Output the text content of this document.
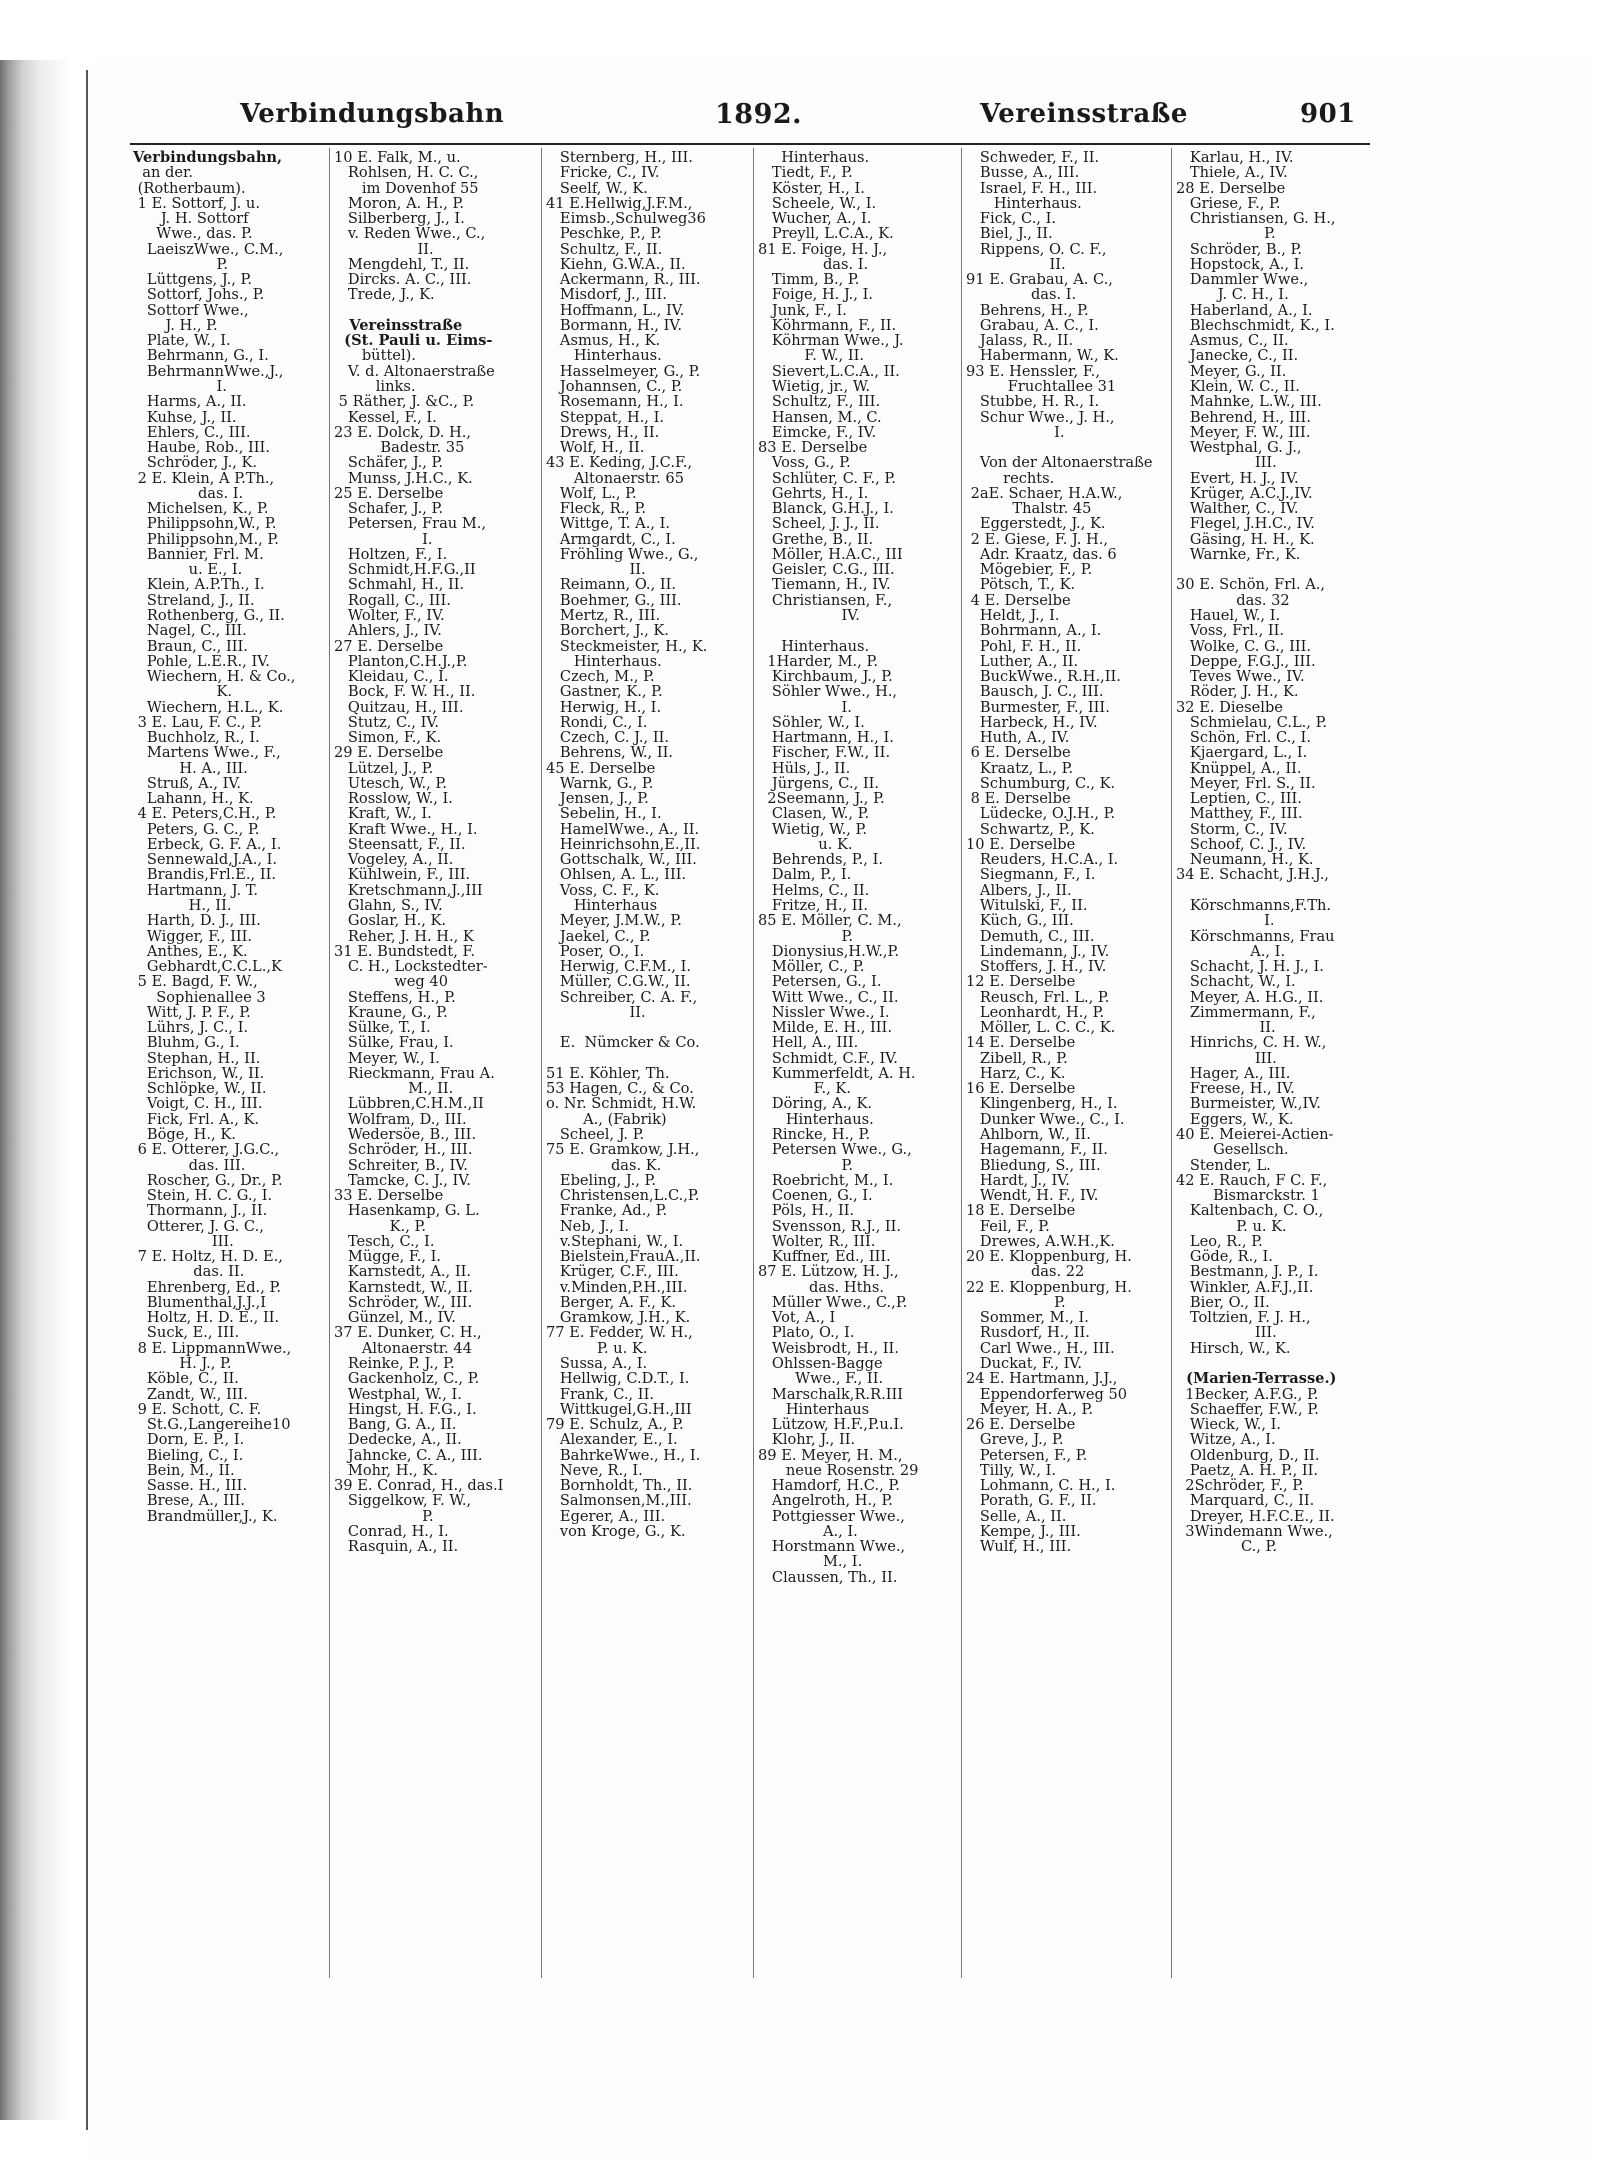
Verbindungsbahn	1892.	Vereinsstraße	901
Verbindungsbahn,
an der.
(Rotherbaum).
1 E. Sottorf, J. u.
J. H. Sottorf
Wwe., das. P.
LaeiszWwe., C.M.,
P.
Lüttgens, J., P.
Sottorf, Johs., P.
Sottorf Wwe.,
J. H., P.
Plate, W., I.
Behrmann, G., I.
BehrmannWwe.,J.,
I.
Harms, A., II.
Kuhse, J., II.
Ehlers, C., III.
Haube, Rob., III.
Schröder, J., K.
2 E. Klein, A P.Th.,
das. I.
Michelsen, K., P.
Philippsohn,W., P.
Philippsohn,M., P.
Bannier, Frl. M.
u. E., I.
Klein, A.P.Th., I.
Streland, J., II.
Rothenberg, G., II.
Nagel, C., III.
Braun, C., III.
Pohle, L.E.R., IV.
Wiechern, H. & Co.,
K.
Wiechern, H.L., K.
3 E. Lau, F. C., P.
Buchholz, R., I.
Martens Wwe., F.,
H. A., III.
Struß, A., IV.
Lahann, H., K.
4 E. Peters,C.H., P.
Peters, G. C., P.
Erbeck, G. F. A., I.
Sennewald,J.A., I.
Brandis,Frl.E., II.
Hartmann, J. T.
H., II.
Harth, D. J., III.
Wigger, F., III.
Anthes, E., K.
Gebhardt,C.C.L.,K
5 E. Bagd, F. W.,
Sophienallee 3
Witt, J. P. F., P.
Lührs, J. C., I.
Bluhm, G., I.
Stephan, H., II.
Erichson, W., II.
Schlöpke, W., II.
Voigt, C. H., III.
Fick, Frl. A., K.
Böge, H., K.
6 E. Otterer, J.G.C.,
das. III.
Roscher, G., Dr., P.
Stein, H. C. G., I.
Thormann, J., II.
Otterer, J. G. C.,
III.
7 E. Holtz, H. D. E.,
das. II.
Ehrenberg, Ed., P.
Blumenthal,J.J.,I
Holtz, H. D. E., II.
Suck, E., III.
8 E. LippmannWwe.,
H. J., P.
Köble, C., II.
Zandt, W., III.
9 E. Schott, C. F.
St.G.,Langereihe10
Dorn, E. P., I.
Bieling, C., I.
Bein, M., II.
Sasse. H., III.
Brese, A., III.
Brandmüller,J., K.
10 E. Falk, M., u.
Rohlsen, H. C. C.,
im Dovenhof 55
Moron, A. H., P.
Silberberg, J., I.
v. Reden Wwe., C.,
II.
Mengdehl, T., II.
Dircks. A. C., III.
Trede, J., K.
Vereinsstraße
(St. Pauli u. Eims-
büttel).
V. d. Altonaerstraße
links.
5 Räther, J. &C., P.
Kessel, F., I.
23 E. Dolck, D. H.,
Badestr. 35
Schäfer, J., P.
Munss, J.H.C., K.
25 E. Derselbe
Schafer, J., P.
Petersen, Frau M.,
I.
Holtzen, F., I.
Schmidt,H.F.G.,II
Schmahl, H., II.
Rogall, C., III.
Wolter, F., IV.
Ahlers, J., IV.
27 E. Derselbe
Planton,C.H.J.,P.
Kleidau, C., I.
Bock, F. W. H., II.
Quitzau, H., III.
Stutz, C., IV.
Simon, F., K.
29 E. Derselbe
Lützel, J., P.
Utesch, W., P.
Rosslow, W., I.
Kraft, W., I.
Kraft Wwe., H., I.
Steensatt, F., II.
Vogeley, A., II.
Kühlwein, F., III.
Kretschmann,J.,III
Glahn, S., IV.
Goslar, H., K.
Reher, J. H. H., K
31 E. Bundstedt, F.
C. H., Lockstedter-
weg 40
Steffens, H., P.
Kraune, G., P.
Sülke, T., I.
Sülke, Frau, I.
Meyer, W., I.
Rieckmann, Frau A.
M., II.
Lübbren,C.H.M.,II
Wolfram, D., III.
Wedersöe, B., III.
Schröder, H., III.
Schreiter, B., IV.
Tamcke, C. J., IV.
33 E. Derselbe
Hasenkamp, G. L.
K., P.
Tesch, C., I.
Mügge, F., I.
Karnstedt, A., II.
Karnstedt, W., II.
Schröder, W., III.
Günzel, M., IV.
37 E. Dunker, C. H.,
Altonaerstr. 44
Reinke, P. J., P.
Gackenholz, C., P.
Westphal, W., I.
Hingst, H. F.G., I.
Bang, G. A., II.
Dedecke, A., II.
Jahncke, C. A., III.
Mohr, H., K.
39 E. Conrad, H., das.I
Siggelkow, F. W.,
P.
Conrad, H., I.
Rasquin, A., II.
Sternberg, H., III.
Fricke, C., IV.
Seelf, W., K.
41 E.Hellwig,J.F.M.,
Eimsb.,Schulweg36
Peschke, P., P.
Schultz, F., II.
Kiehn, G.W.A., II.
Ackermann, R., III.
Misdorf, J., III.
Hoffmann, L., IV.
Bormann, H., IV.
Asmus, H., K.
Hinterhaus.
Hasselmeyer, G., P.
Johannsen, C., P.
Rosemann, H., I.
Steppat, H., I.
Drews, H., II.
Wolf, H., II.
43 E. Keding, J.C.F.,
Altonaerstr. 65
Wolf, L., P.
Fleck, R., P.
Wittge, T. A., I.
Armgardt, C., I.
Fröhling Wwe., G.,
II.
Reimann, O., II.
Boehmer, G., III.
Mertz, R., III.
Borchert, J., K.
Steckmeister, H., K.
Hinterhaus.
Czech, M., P.
Gastner, K., P.
Herwig, H., I.
Rondi, C., I.
Czech, C. J., II.
Behrens, W., II.
45 E. Derselbe
Warnk, G., P.
Jensen, J., P.
Sebelin, H., I.
HamelWwe., A., II.
Heinrichsohn,E.,II.
Gottschalk, W., III.
Ohlsen, A. L., III.
Voss, C. F., K.
Hinterhaus
Meyer, J.M.W., P.
Jaekel, C., P.
Poser, O., I.
Herwig, C.F.M., I.
Müller, C.G.W., II.
Schreiber, C. A. F.,
II.
E.  Nümcker & Co.
51 E. Köhler, Th.
53 Hagen, C., & Co.
o. Nr. Schmidt, H.W.
A., (Fabrik)
Scheel, J. P.
75 E. Gramkow, J.H.,
das. K.
Ebeling, J., P.
Christensen,L.C.,P.
Franke, Ad., P.
Neb, J., I.
v.Stephani, W., I.
Bielstein,FrauA.,II.
Krüger, C.F., III.
v.Minden,P.H.,III.
Berger, A. F., K.
Gramkow, J.H., K.
77 E. Fedder, W. H.,
P. u. K.
Sussa, A., I.
Hellwig, C.D.T., I.
Frank, C., II.
Wittkugel,G.H.,III
79 E. Schulz, A., P.
Alexander, E., I.
BahrkeWwe., H., I.
Neve, R., I.
Bornholdt, Th., II.
Salmonsen,M.,III.
Egerer, A., III.
von Kroge, G., K.
Hinterhaus.
Tiedt, F., P.
Köster, H., I.
Scheele, W., I.
Wucher, A., I.
Preyll, L.C.A., K.
81 E. Foige, H. J.,
das. I.
Timm, B., P.
Foige, H. J., I.
Junk, F., I.
Köhrmann, F., II.
Köhrman Wwe., J.
F. W., II.
Sievert,L.C.A., II.
Wietig, jr., W.
Schultz, F., III.
Hansen, M., C.
Eimcke, F., IV.
83 E. Derselbe
Voss, G., P.
Schlüter, C. F., P.
Gehrts, H., I.
Blanck, G.H.J., I.
Scheel, J. J., II.
Grethe, B., II.
Möller, H.A.C., III
Geisler, C.G., III.
Tiemann, H., IV.
Christiansen, F.,
IV.
Hinterhaus.
1Harder, M., P.
Kirchbaum, J., P.
Söhler Wwe., H.,
I.
Söhler, W., I.
Hartmann, H., I.
Fischer, F.W., II.
Hüls, J., II.
Jürgens, C., II.
2Seemann, J., P.
Clasen, W., P.
Wietig, W., P.
u. K.
Behrends, P., I.
Dalm, P., I.
Helms, C., II.
Fritze, H., II.
85 E. Möller, C. M.,
P.
Dionysius,H.W.,P.
Möller, C., P.
Petersen, G., I.
Witt Wwe., C., II.
Nissler Wwe., I.
Milde, E. H., III.
Hell, A., III.
Schmidt, C.F., IV.
Kummerfeldt, A. H.
F., K.
Döring, A., K.
Hinterhaus.
Rincke, H., P.
Petersen Wwe., G.,
P.
Roebricht, M., I.
Coenen, G., I.
Pöls, H., II.
Svensson, R.J., II.
Wolter, R., III.
Kuffner, Ed., III.
87 E. Lützow, H. J.,
das. Hths.
Müller Wwe., C.,P.
Vot, A., I
Plato, O., I.
Weisbrodt, H., II.
Ohlssen-Bagge
Wwe., F., II.
Marschalk,R.R.III
Hinterhaus
Lützow, H.F.,P.u.I.
Klohr, J., II.
89 E. Meyer, H. M.,
neue Rosenstr. 29
Hamdorf, H.C., P.
Angelroth, H., P.
Pottgiesser Wwe.,
A., I.
Horstmann Wwe.,
M., I.
Claussen, Th., II.
Schweder, F., II.
Busse, A., III.
Israel, F. H., III.
Hinterhaus.
Fick, C., I.
Biel, J., II.
Rippens, O. C. F.,
II.
91 E. Grabau, A. C.,
das. I.
Behrens, H., P.
Grabau, A. C., I.
Jalass, R., II.
Habermann, W., K.
93 E. Henssler, F.,
Fruchtallee 31
Stubbe, H. R., I.
Schur Wwe., J. H.,
I.
Von der Altonaerstraße
rechts.
2aE. Schaer, H.A.W.,
Thalstr. 45
Eggerstedt, J., K.
2 E. Giese, F. J. H.,
Adr. Kraatz, das. 6
Mögebier, F., P.
Pötsch, T., K.
4 E. Derselbe
Heldt, J., I.
Bohrmann, A., I.
Pohl, F. H., II.
Luther, A., II.
BuckWwe., R.H.,II.
Bausch, J. C., III.
Burmester, F., III.
Harbeck, H., IV.
Huth, A., IV.
6 E. Derselbe
Kraatz, L., P.
Schumburg, C., K.
8 E. Derselbe
Lüdecke, O.J.H., P.
Schwartz, P., K.
10 E. Derselbe
Reuders, H.C.A., I.
Siegmann, F., I.
Albers, J., II.
Witulski, F., II.
Küch, G., III.
Demuth, C., III.
Lindemann, J., IV.
Stoffers, J. H., IV.
12 E. Derselbe
Reusch, Frl. L., P.
Leonhardt, H., P.
Möller, L. C. C., K.
14 E. Derselbe
Zibell, R., P.
Harz, C., K.
16 E. Derselbe
Klingenberg, H., I.
Dunker Wwe., C., I.
Ahlborn, W., II.
Hagemann, F., II.
Bliedung, S., III.
Hardt, J., IV.
Wendt, H. F., IV.
18 E. Derselbe
Feil, F., P.
Drewes, A.W.H.,K.
20 E. Kloppenburg, H.
das. 22
22 E. Kloppenburg, H.
P.
Sommer, M., I.
Rusdorf, H., II.
Carl Wwe., H., III.
Duckat, F., IV.
24 E. Hartmann, J.J.,
Eppendorferweg 50
Meyer, H. A., P.
26 E. Derselbe
Greve, J., P.
Petersen, F., P.
Tilly, W., I.
Lohmann, C. H., I.
Porath, G. F., II.
Selle, A., II.
Kempe, J., III.
Wulf, H., III.
Karlau, H., IV.
Thiele, A., IV.
28 E. Derselbe
Griese, F., P.
Christiansen, G. H.,
P.
Schröder, B., P.
Hopstock, A., I.
Dammler Wwe.,
J. C. H., I.
Haberland, A., I.
Blechschmidt, K., I.
Asmus, C., II.
Janecke, C., II.
Meyer, G., II.
Klein, W. C., II.
Mahnke, L.W., III.
Behrend, H., III.
Meyer, F. W., III.
Westphal, G. J.,
III.
Evert, H. J., IV.
Krüger, A.C.J.,IV.
Walther, C., IV.
Flegel, J.H.C., IV.
Gäsing, H. H., K.
Warnke, Fr., K.
30 E. Schön, Frl. A.,
das. 32
Hauel, W., I.
Voss, Frl., II.
Wolke, C. G., III.
Deppe, F.G.J., III.
Teves Wwe., IV.
Röder, J. H., K.
32 E. Dieselbe
Schmielau, C.L., P.
Schön, Frl. C., I.
Kjaergard, L., I.
Knüppel, A., II.
Meyer, Frl. S., II.
Leptien, C., III.
Matthey, F., III.
Storm, C., IV.
Schoof, C. J., IV.
Neumann, H., K.
34 E. Schacht, J.H.J.,
Körschmanns,F.Th.
I.
Körschmanns, Frau
A., I.
Schacht, J. H. J., I.
Schacht, W., I.
Meyer, A. H.G., II.
Zimmermann, F.,
II.
Hinrichs, C. H. W.,
III.
Hager, A., III.
Freese, H., IV.
Burmeister, W.,IV.
Eggers, W., K.
40 E. Meierei-Actien-
Gesellsch.
Stender, L.
42 E. Rauch, F C. F.,
Bismarckstr. 1
Kaltenbach, C. O.,
P. u. K.
Leo, R., P.
Göde, R., I.
Bestmann, J. P., I.
Winkler, A.F.J.,II.
Bier, O., II.
Toltzien, F. J. H.,
III.
Hirsch, W., K.
(Marien-Terrasse.)
1Becker, A.F.G., P.
Schaeffer, F.W., P.
Wieck, W., I.
Witze, A., I.
Oldenburg, D., II.
Paetz, A. H. P., II.
2Schröder, F., P.
Marquard, C., II.
Dreyer, H.F.C.E., II.
3Windemann Wwe.,
C., P.
